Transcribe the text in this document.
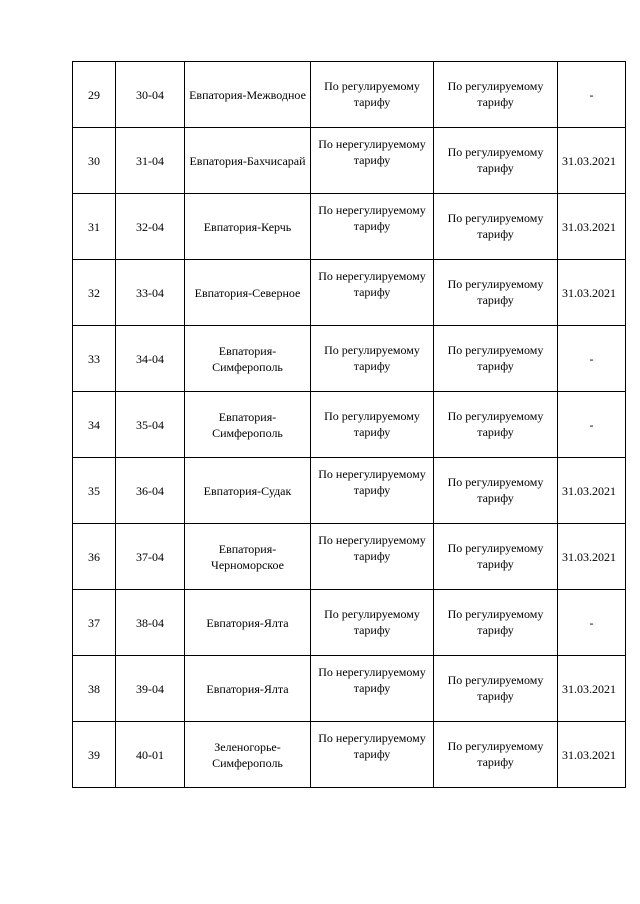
29	30-04	Евпатория-Межводное	По регулируемому тарифу	По регулируемому тарифу	-

30	31-04	Евпатория-Бахчисарай	По нерегулируемому тарифу	По регулируемому тарифу	31.03.2021

31	32-04	Евпатория-Керчь	По нерегулируемому тарифу	По регулируемому тарифу	31.03.2021

32	33-04	Евпатория-Северное	По нерегулируемому тарифу	По регулируемому тарифу	31.03.2021

33	34-04	Евпатория-Симферополь	По регулируемому тарифу	По регулируемому тарифу	-

34	35-04	Евпатория-Симферополь	По регулируемому тарифу	По регулируемому тарифу	-

35	36-04	Евпатория-Судак	По нерегулируемому тарифу	По регулируемому тарифу	31.03.2021

36	37-04	Евпатория-Черноморское	По нерегулируемому тарифу	По регулируемому тарифу	31.03.2021

37	38-04	Евпатория-Ялта	По регулируемому тарифу	По регулируемому тарифу	-

38	39-04	Евпатория-Ялта	По нерегулируемому тарифу	По регулируемому тарифу	31.03.2021

39	40-01	Зеленогорье-Симферополь	По нерегулируемому тарифу	По регулируемому тарифу	31.03.2021
